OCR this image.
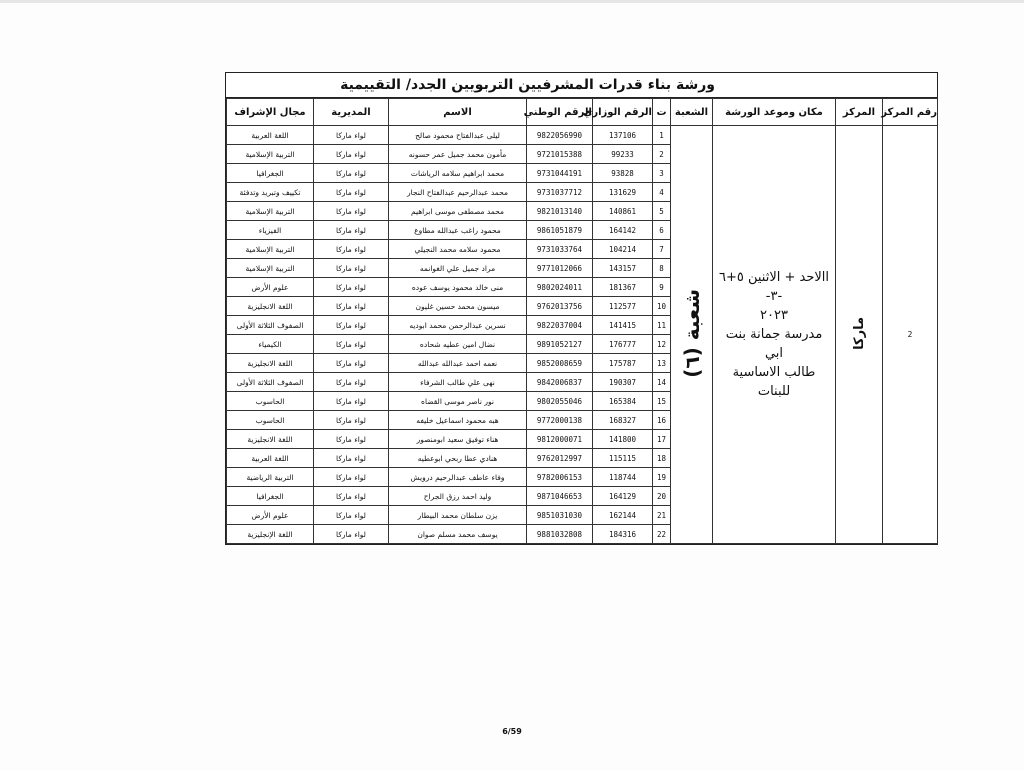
ورشة بناء قدرات المشرفيين التربويين الجدد/ التقييمية
رقم المركز	المركز	مكان وموعد الورشة	الشعبة	ت	الرقم الوزاري	الرقم الوطني	الاسم	المديرية	مجال الإشراف
2	ماركا	االاحد + الاثنين ٥+٦ -٣-
٢٠٢٣
مدرسة جمانة بنت ابي
طالب الاساسية للبنات	شعبة (٦)	1	137106	9822056990	ليلى عبدالفتاح محمود صالح	لواء ماركا	اللغة العربية
				2	99233	9721015388	مأمون محمد جميل عمر حسونه	لواء ماركا	التربية الإسلامية
				3	93828	9731044191	محمد ابراهيم سلامه الرياشات	لواء ماركا	الجغرافيا
				4	131629	9731037712	محمد عبدالرحيم عبدالفتاح النجار	لواء ماركا	تكييف وتبريد وتدفئة
				5	140861	9821013140	محمد مصطفى موسى ابراهيم	لواء ماركا	التربية الإسلامية
				6	164142	9861051879	محمود راغب عبدالله مطاوع	لواء ماركا	الفيزياء
				7	104214	9731033764	محمود سلامه محمد النجيلي	لواء ماركا	التربية الإسلامية
				8	143157	9771012066	مراد جميل علي الغوانمه	لواء ماركا	التربية الإسلامية
				9	181367	9802024011	منى خالد محمود يوسف عوده	لواء ماركا	علوم الأرض
				10	112577	9762013756	ميسون محمد حسين غليون	لواء ماركا	اللغة الانجليزية
				11	141415	9822037004	نسرين عبدالرحمن محمد ابوديه	لواء ماركا	الصفوف الثلاثة الأولى
				12	176777	9891052127	نضال امين عطيه شحاده	لواء ماركا	الكيمياء
				13	175787	9852008659	نعمه احمد عبدالله عبدالله	لواء ماركا	اللغة الانجليزية
				14	190307	9842006837	نهى علي طالب الشرفاء	لواء ماركا	الصفوف الثلاثة الأولى
				15	165384	9802055046	نور ناصر موسى القضاه	لواء ماركا	الحاسوب
				16	168327	9772000138	هبه محمود اسماعيل خليفه	لواء ماركا	الحاسوب
				17	141800	9812000071	هناء توفيق سعيد ابومنصور	لواء ماركا	اللغة الانجليزية
				18	115115	9762012997	هنادي عطا ربحي ابوعطيه	لواء ماركا	اللغة العربية
				19	118744	9782006153	وفاء عاطف عبدالرحيم درويش	لواء ماركا	التربية الرياضية
				20	164129	9871046653	وليد احمد رزق الجراح	لواء ماركا	الجغرافيا
				21	162144	9851031030	يزن سلطان محمد البيطار	لواء ماركا	علوم الأرض
				22	184316	9881032808	يوسف محمد مسلم صوان	لواء ماركا	اللغة الإنجليزية
6/59
